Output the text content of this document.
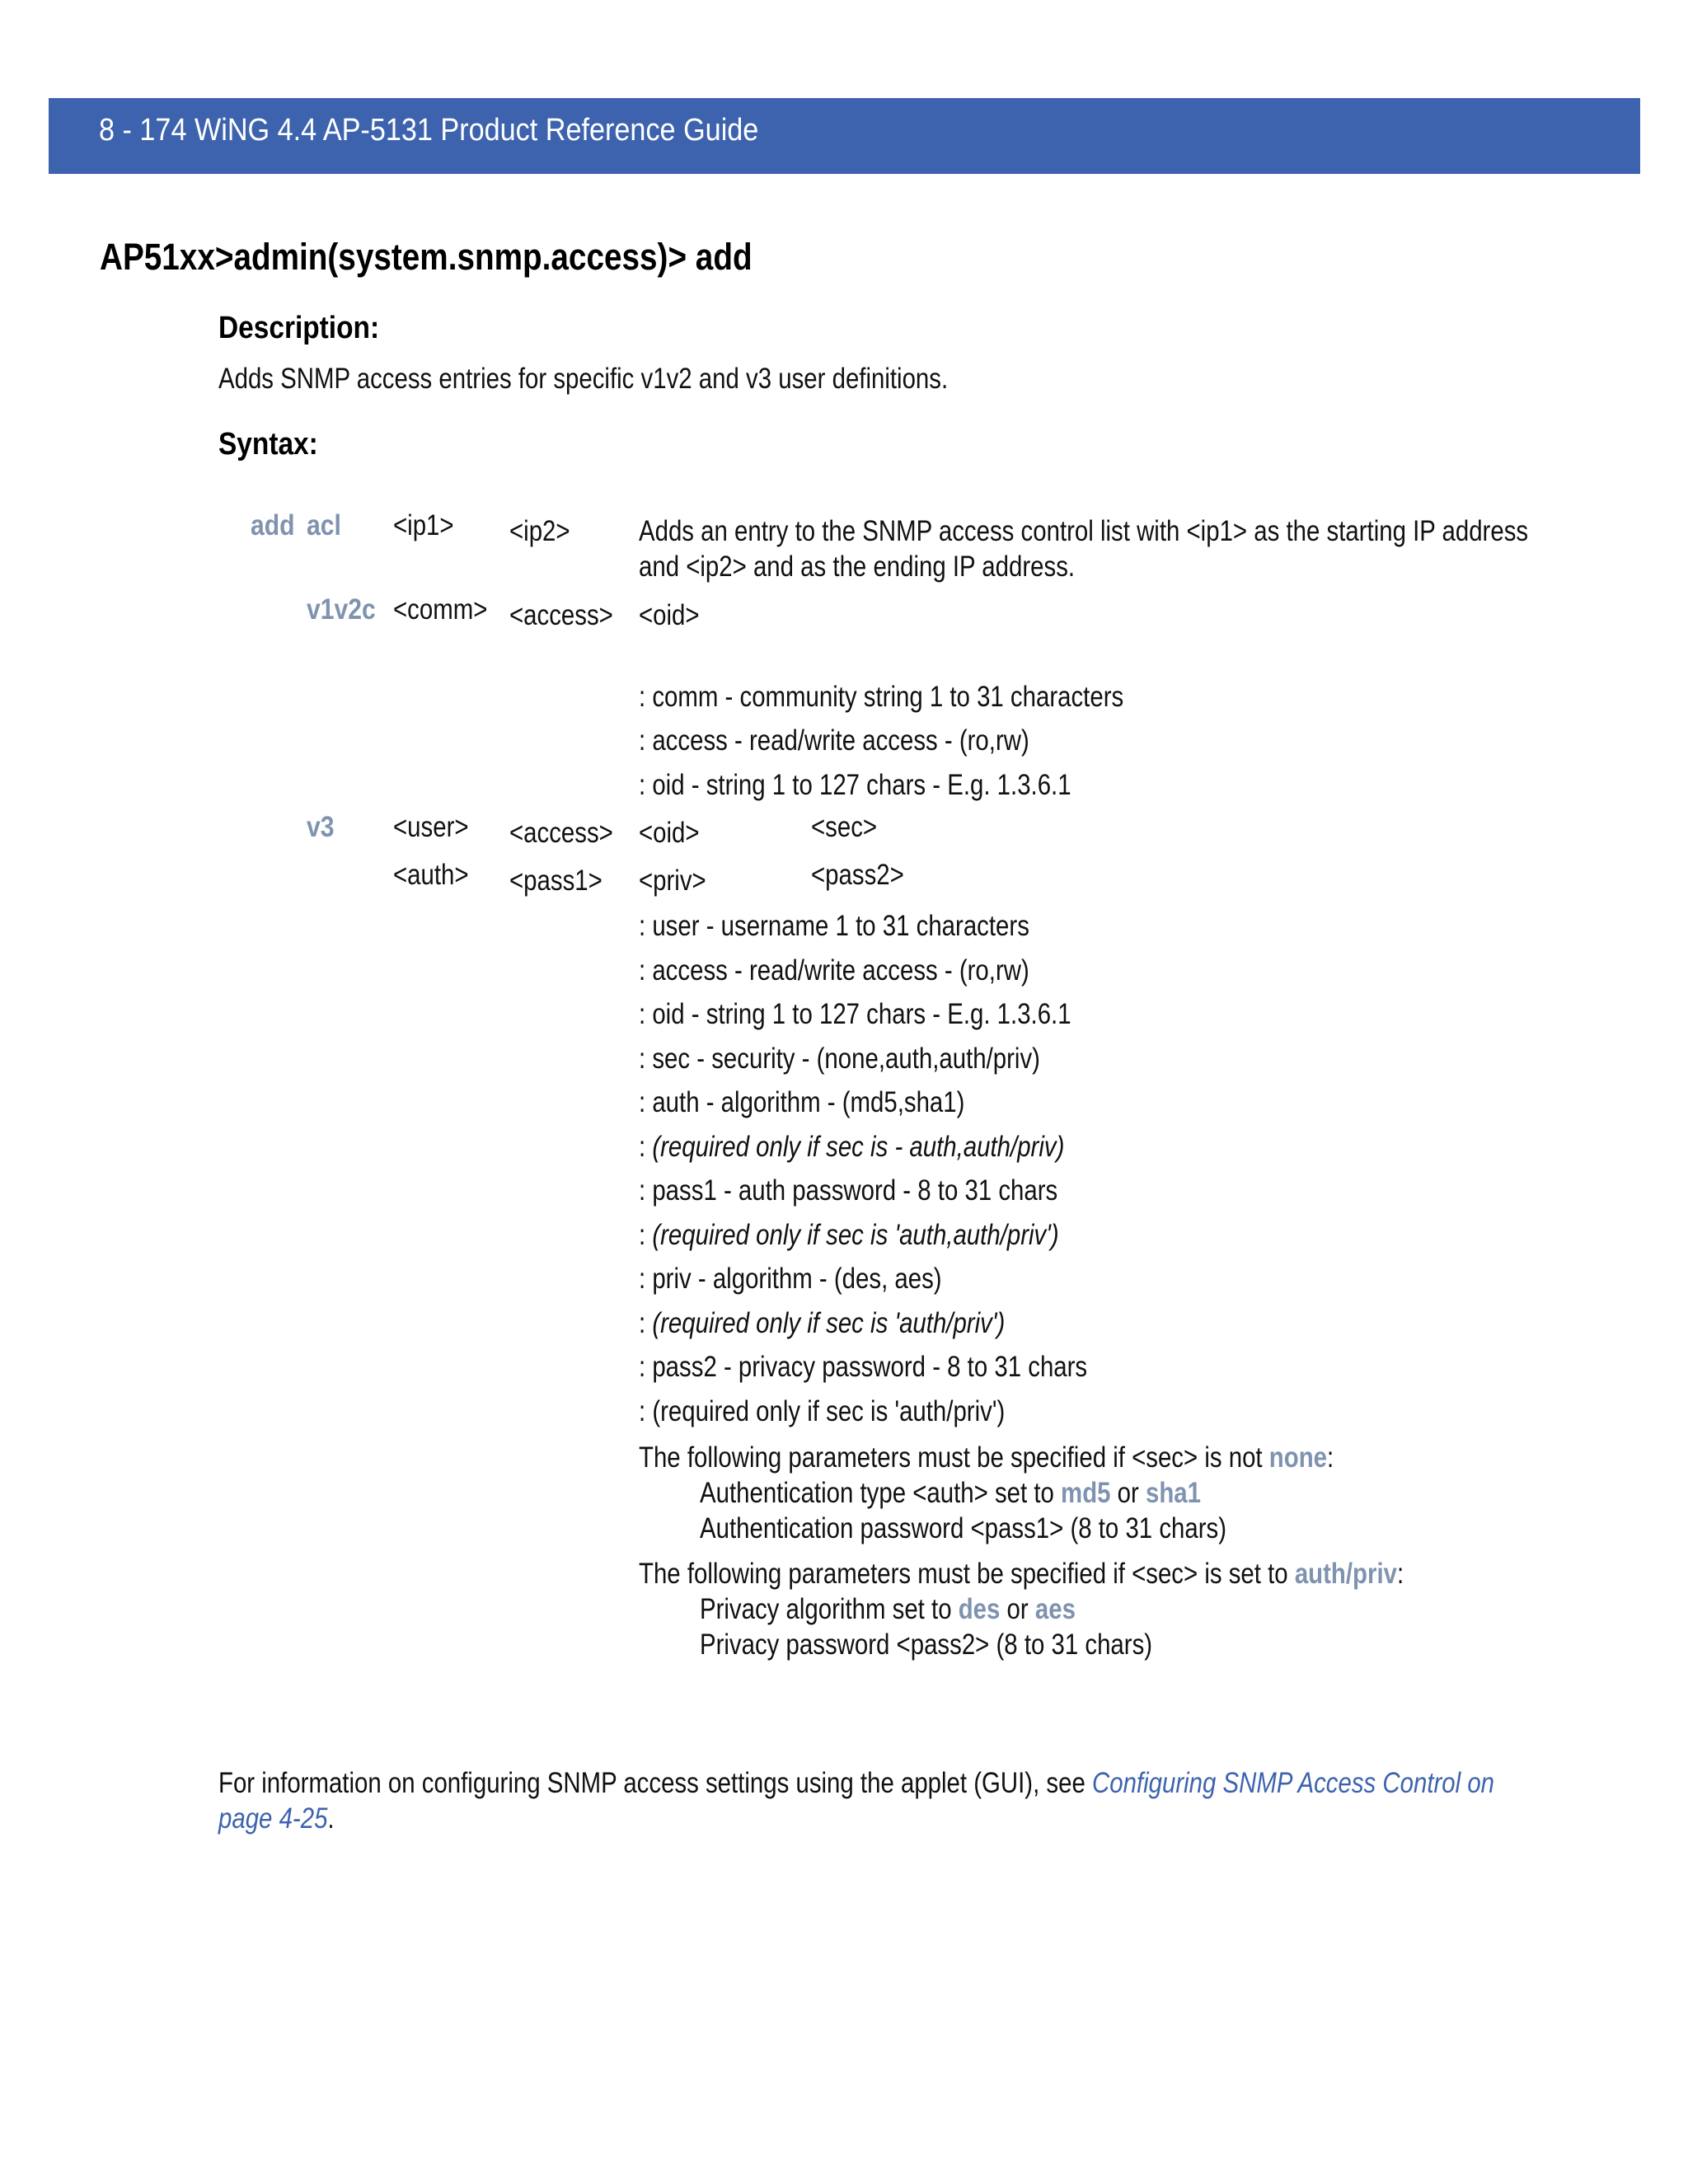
8 - 174 WiNG 4.4 AP-5131 Product Reference Guide
AP51xx>admin(system.snmp.access)> add
Description:
Adds SNMP access entries for specific v1v2 and v3 user definitions.
Syntax:
add acl <ip1> <ip2> Adds an entry to the SNMP access control list with <ip1> as the starting IP address
and <ip2> and as the ending IP address.
v1v2c <comm> <access> <oid>
: comm - community string 1 to 31 characters
: access - read/write access - (ro,rw)
: oid - string 1 to 127 chars - E.g. 1.3.6.1
v3 <user> <access> <oid>	<sec>
<auth> <pass1> <priv>	<pass2>
: user - username 1 to 31 characters
: access - read/write access - (ro,rw)
: oid - string 1 to 127 chars - E.g. 1.3.6.1
: sec - security - (none,auth,auth/priv)
: auth - algorithm - (md5,sha1)
: (required only if sec is - auth,auth/priv)
: pass1 - auth password - 8 to 31 chars
: (required only if sec is 'auth,auth/priv')
: priv - algorithm - (des, aes)
: (required only if sec is 'auth/priv')
: pass2 - privacy password - 8 to 31 chars
: (required only if sec is 'auth/priv')
The following parameters must be specified if <sec> is not none:
Authentication type <auth> set to md5 or sha1
Authentication password <pass1> (8 to 31 chars)
The following parameters must be specified if <sec> is set to auth/priv:
Privacy algorithm set to des or aes
Privacy password <pass2> (8 to 31 chars)
For information on configuring SNMP access settings using the applet (GUI), see Configuring SNMP Access Control on
page 4-25.
